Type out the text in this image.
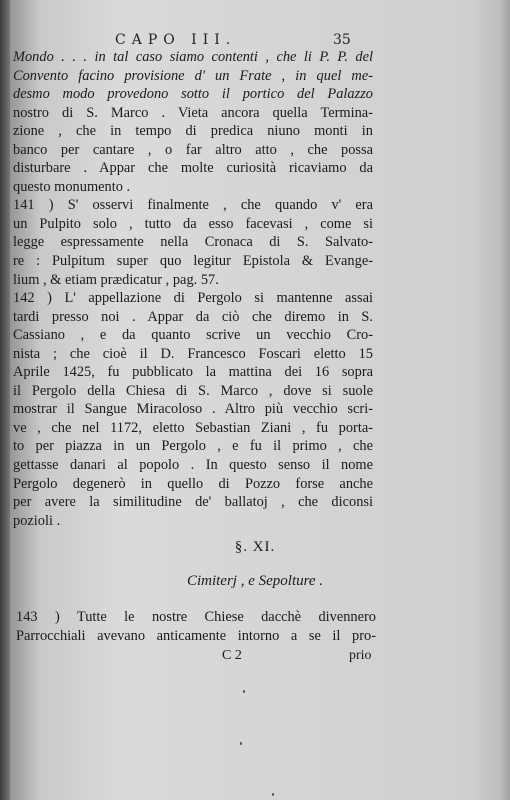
CAPO III.	35
Mondo . . . in tal caso siamo contenti , che li P. P. del
Convento facino provisione d' un Frate , in quel me-
desmo modo provedono sotto il portico del Palazzo
nostro di S. Marco . Vieta ancora quella Termina-
zione , che in tempo di predica niuno monti in
banco per cantare , o far altro atto , che possa
disturbare . Appar che molte curiosità ricaviamo da
questo monumento .
141 ) S' osservi finalmente , che quando v' era
un Pulpito solo , tutto da esso facevasi , come si
legge espressamente nella Cronaca di S. Salvato-
re : Pulpitum super quo legitur Epistola & Evange-
lium , & etiam prædicatur , pag. 57.
142 ) L' appellazione di Pergolo si mantenne assai
tardi presso noi . Appar da ciò che diremo in S.
Cassiano , e da quanto scrive un vecchio Cro-
nista ; che cioè il D. Francesco Foscari eletto 15
Aprile 1425, fu pubblicato la mattina dei 16 sopra
il Pergolo della Chiesa di S. Marco , dove si suole
mostrar il Sangue Miracoloso . Altro più vecchio scri-
ve , che nel 1172, eletto Sebastian Ziani , fu porta-
to per piazza in un Pergolo , e fu il primo , che
gettasse danari al popolo . In questo senso il nome
Pergolo degenerò in quello di Pozzo forse anche
per avere la similitudine de' ballatoj , che diconsi
pozioli .
§. XI.
Cimiterj , e Sepolture .
143 ) Tutte le nostre Chiese dacchè divennero
Parrocchiali avevano anticamente intorno a se il pro-
C 2	prio
